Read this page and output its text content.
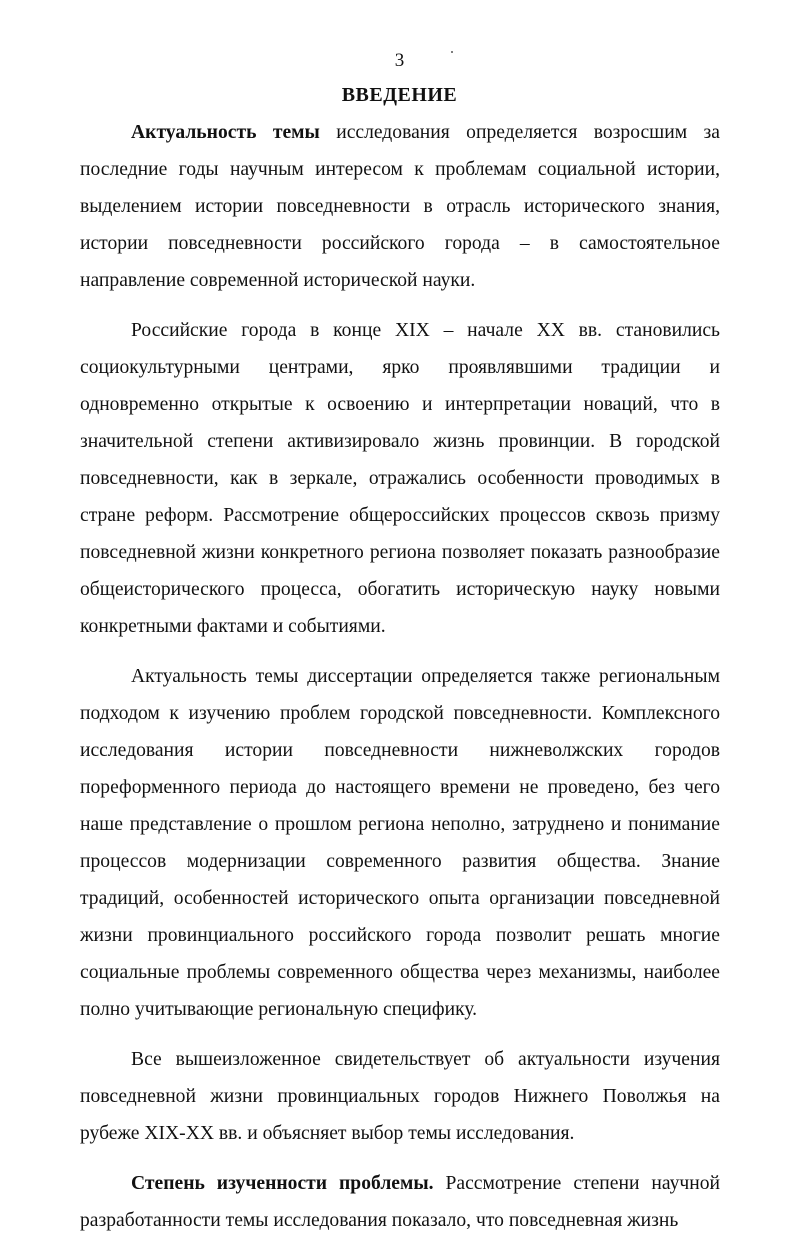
3
ВВЕДЕНИЕ

Актуальность темы исследования определяется возросшим за последние годы научным интересом к проблемам социальной истории, выделением истории повседневности в отрасль исторического знания, истории повседневности российского города – в самостоятельное направление современной исторической науки.

Российские города в конце XIX – начале XX вв. становились социокультурными центрами, ярко проявлявшими традиции и одновременно открытые к освоению и интерпретации новаций, что в значительной степени активизировало жизнь провинции. В городской повседневности, как в зеркале, отражались особенности проводимых в стране реформ. Рассмотрение общероссийских процессов сквозь призму повседневной жизни конкретного региона позволяет показать разнообразие общеисторического процесса, обогатить историческую науку новыми конкретными фактами и событиями.

Актуальность темы диссертации определяется также региональным подходом к изучению проблем городской повседневности. Комплексного исследования истории повседневности нижневолжских городов пореформенного периода до настоящего времени не проведено, без чего наше представление о прошлом региона неполно, затруднено и понимание процессов модернизации современного развития общества. Знание традиций, особенностей исторического опыта организации повседневной жизни провинциального российского города позволит решать многие социальные проблемы современного общества через механизмы, наиболее полно учитывающие региональную специфику.

Все вышеизложенное свидетельствует об актуальности изучения повседневной жизни провинциальных городов Нижнего Поволжья на рубеже XIX-XX вв. и объясняет выбор темы исследования.

Степень изученности проблемы. Рассмотрение степени научной разработанности темы исследования показало, что повседневная жизнь
